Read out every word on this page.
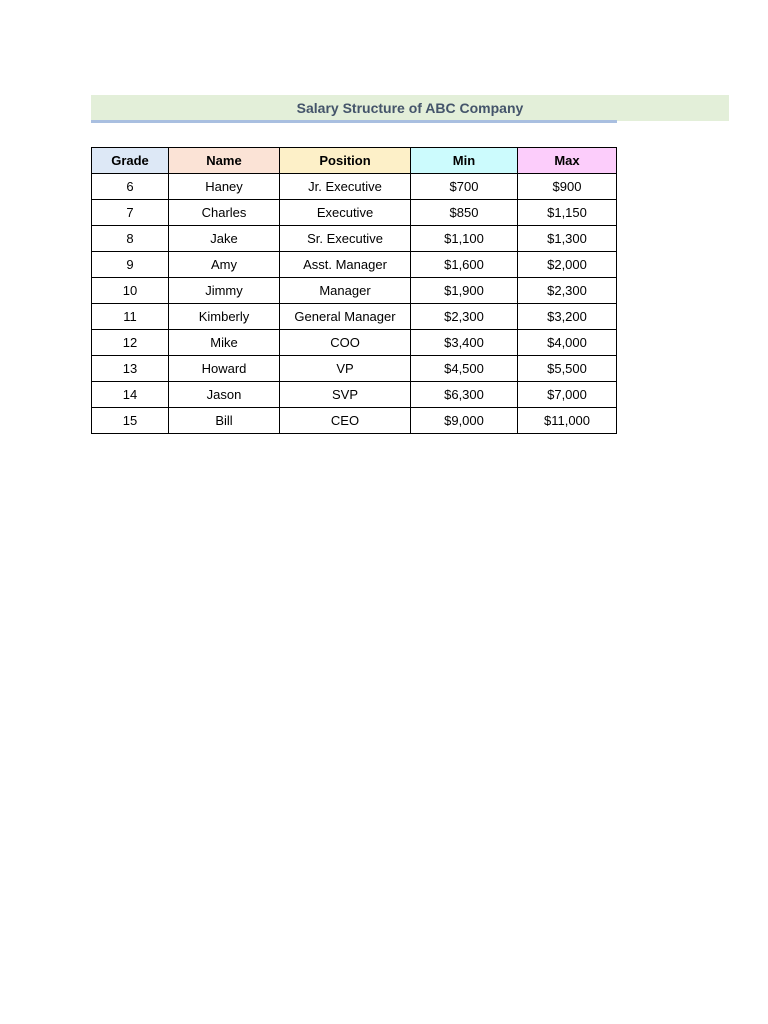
Salary Structure of ABC Company
Grade	Name	Position	Min	Max
6	Haney	Jr. Executive	$700	$900
7	Charles	Executive	$850	$1,150
8	Jake	Sr. Executive	$1,100	$1,300
9	Amy	Asst. Manager	$1,600	$2,000
10	Jimmy	Manager	$1,900	$2,300
11	Kimberly	General Manager	$2,300	$3,200
12	Mike	COO	$3,400	$4,000
13	Howard	VP	$4,500	$5,500
14	Jason	SVP	$6,300	$7,000
15	Bill	CEO	$9,000	$11,000
